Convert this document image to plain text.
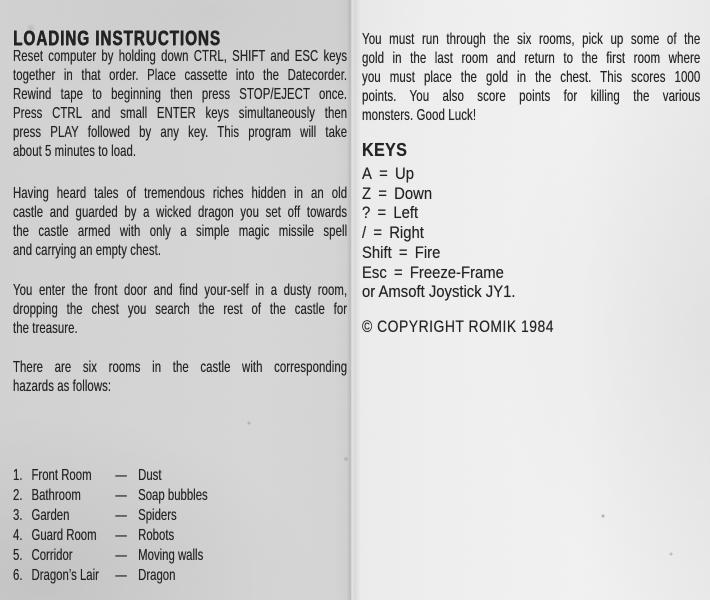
LOADING INSTRUCTIONS
Reset computer by holding down CTRL, SHIFT and ESC keys
together in that order. Place cassette into the Datecorder.
Rewind tape to beginning then press STOP/EJECT once.
Press CTRL and small ENTER keys simultaneously then
press PLAY followed by any key. This program will take
about 5 minutes to load.
Having heard tales of tremendous riches hidden in an old
castle and guarded by a wicked dragon you set off towards
the castle armed with only a simple magic missile spell
and carrying an empty chest.
You enter the front door and find your-self in a dusty room,
dropping the chest you search the rest of the castle for
the treasure.
There are six rooms in the castle with corresponding
hazards as follows:
1. Front Room	— Dust
2. Bathroom	— Soap bubbles
3. Garden	— Spiders
4. Guard Room	— Robots
5. Corridor	— Moving walls
6. Dragon’s Lair	— Dragon
You must run through the six rooms, pick up some of the
gold in the last room and return to the first room where
you must place the gold in the chest. This scores 1000
points. You also score points for killing the various
monsters. Good Luck!
KEYS
A = Up
Z = Down
? = Left
/ = Right
Shift = Fire
Esc = Freeze-Frame
or Amsoft Joystick JY1.
© COPYRIGHT ROMIK 1984
